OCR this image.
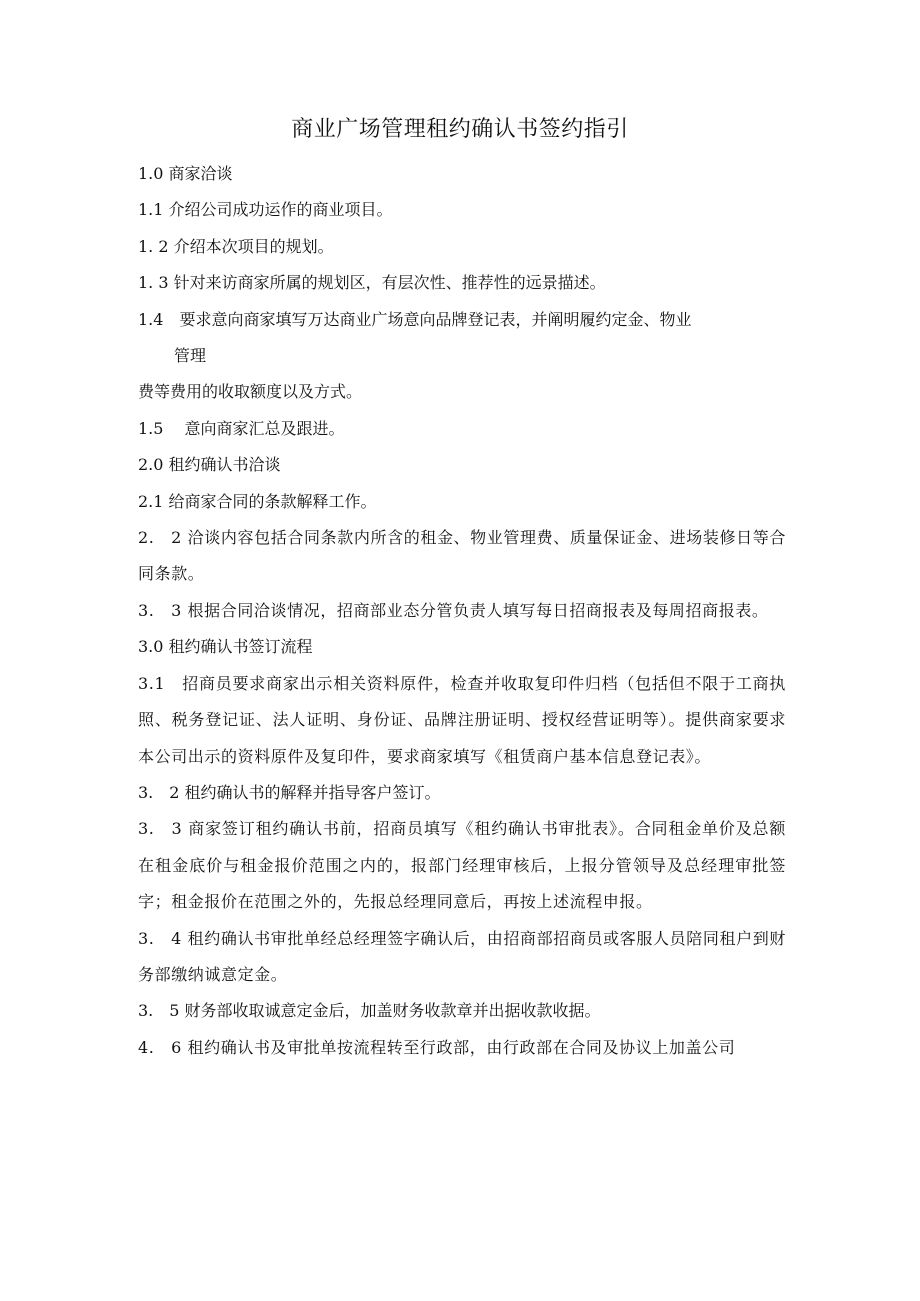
商业广场管理租约确认书签约指引

1.0 商家洽谈

1.1 介绍公司成功运作的商业项目。

1. 2 介绍本次项目的规划。

1. 3 针对来访商家所属的规划区，有层次性、推荐性的远景描述。

1.4　要求意向商家填写万达商业广场意向品牌登记表，并阐明履约定金、物业

管理

费等费用的收取额度以及方式。

1.5　 意向商家汇总及跟进。

2.0 租约确认书洽谈

2.1 给商家合同的条款解释工作。

2.　2 洽谈内容包括合同条款内所含的租金、物业管理费、质量保证金、进场装修日等合同条款。

3.　3 根据合同洽谈情况，招商部业态分管负责人填写每日招商报表及每周招商报表。

3.0 租约确认书签订流程

3.1　招商员要求商家出示相关资料原件，检查并收取复印件归档（包括但不限于工商执照、税务登记证、法人证明、身份证、品牌注册证明、授权经营证明等）。提供商家要求本公司出示的资料原件及复印件，要求商家填写《租赁商户基本信息登记表》。

3.　2 租约确认书的解释并指导客户签订。

3.　3 商家签订租约确认书前，招商员填写《租约确认书审批表》。合同租金单价及总额在租金底价与租金报价范围之内的，报部门经理审核后，上报分管领导及总经理审批签字；租金报价在范围之外的，先报总经理同意后，再按上述流程申报。

3.　4 租约确认书审批单经总经理签字确认后，由招商部招商员或客服人员陪同租户到财务部缴纳诚意定金。

3.　5 财务部收取诚意定金后，加盖财务收款章并出据收款收据。

4.　6 租约确认书及审批单按流程转至行政部，由行政部在合同及协议上加盖公司
